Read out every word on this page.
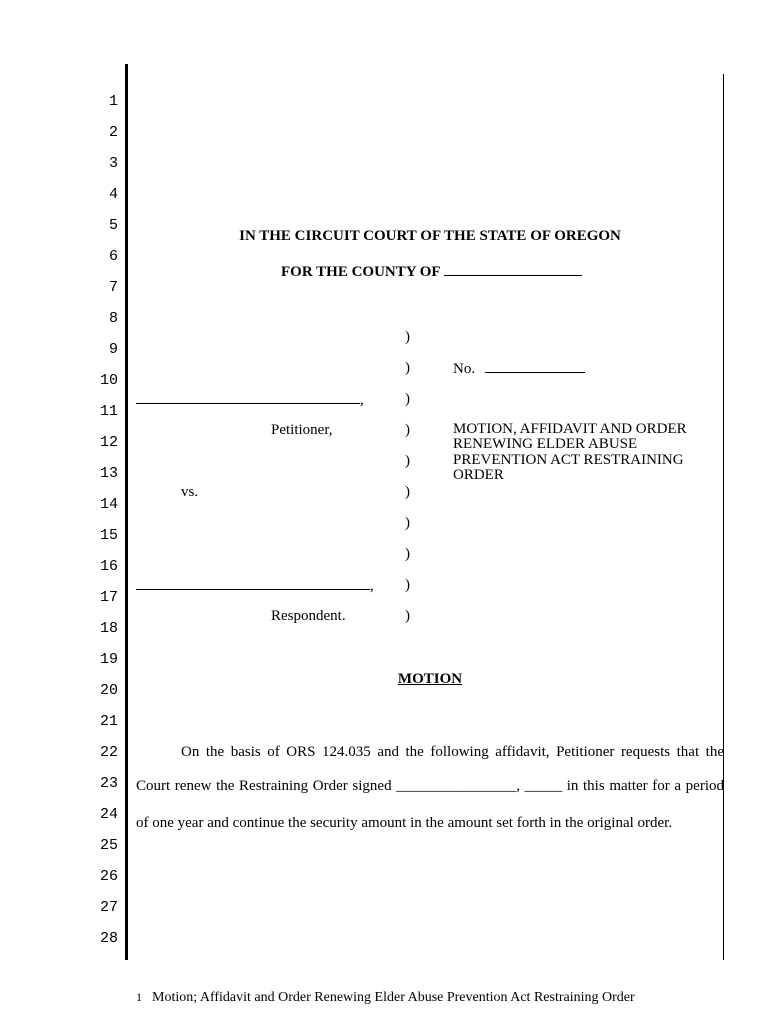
1
2
3
4
5
6
7
8
9
10
11
12
13
14
15
16
17
18
19
20
21
22
23
24
25
26
27
28
IN THE CIRCUIT COURT OF THE STATE OF OREGON
FOR THE COUNTY OF
)
)
)
)
)
)
)
)
)
)
No.
,
Petitioner,	MOTION, AFFIDAVIT AND ORDER
RENEWING ELDER ABUSE
PREVENTION ACT RESTRAINING
ORDER
vs.
,
Respondent.
MOTION
On the basis of ORS 124.035 and the following affidavit, Petitioner requests that the
Court renew the Restraining Order signed ________________, _____ in this matter for a period
of one year and continue the security amount in the amount set forth in the original order.
1 Motion; Affidavit and Order Renewing Elder Abuse Prevention Act Restraining Order
